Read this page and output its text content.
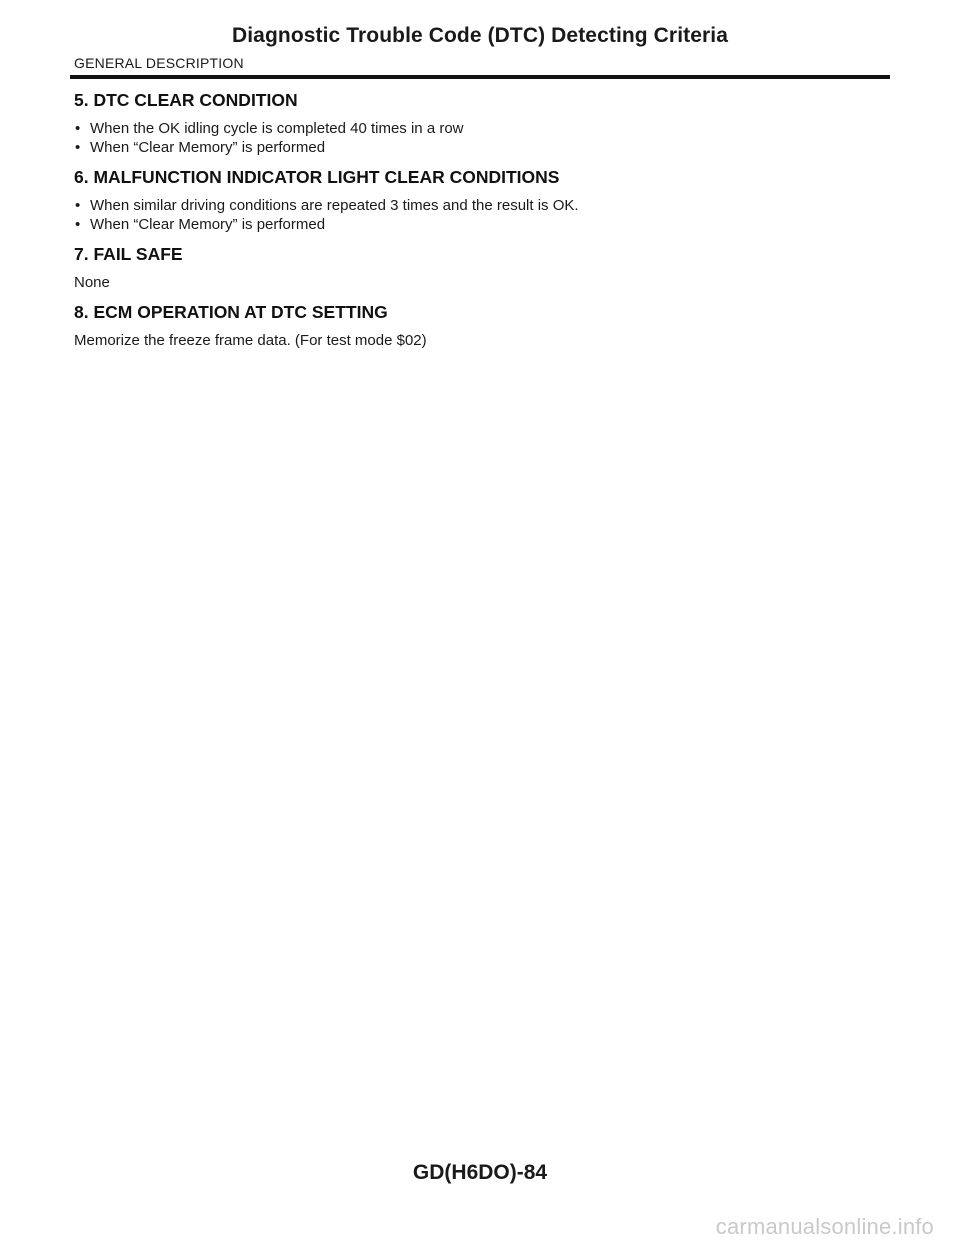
Diagnostic Trouble Code (DTC) Detecting Criteria
GENERAL DESCRIPTION
5. DTC CLEAR CONDITION
• When the OK idling cycle is completed 40 times in a row
• When “Clear Memory” is performed
6. MALFUNCTION INDICATOR LIGHT CLEAR CONDITIONS
• When similar driving conditions are repeated 3 times and the result is OK.
• When “Clear Memory” is performed
7. FAIL SAFE

None

8. ECM OPERATION AT DTC SETTING

Memorize the freeze frame data. (For test mode $02)

GD(H6DO)-84
carmanualsonline.info
